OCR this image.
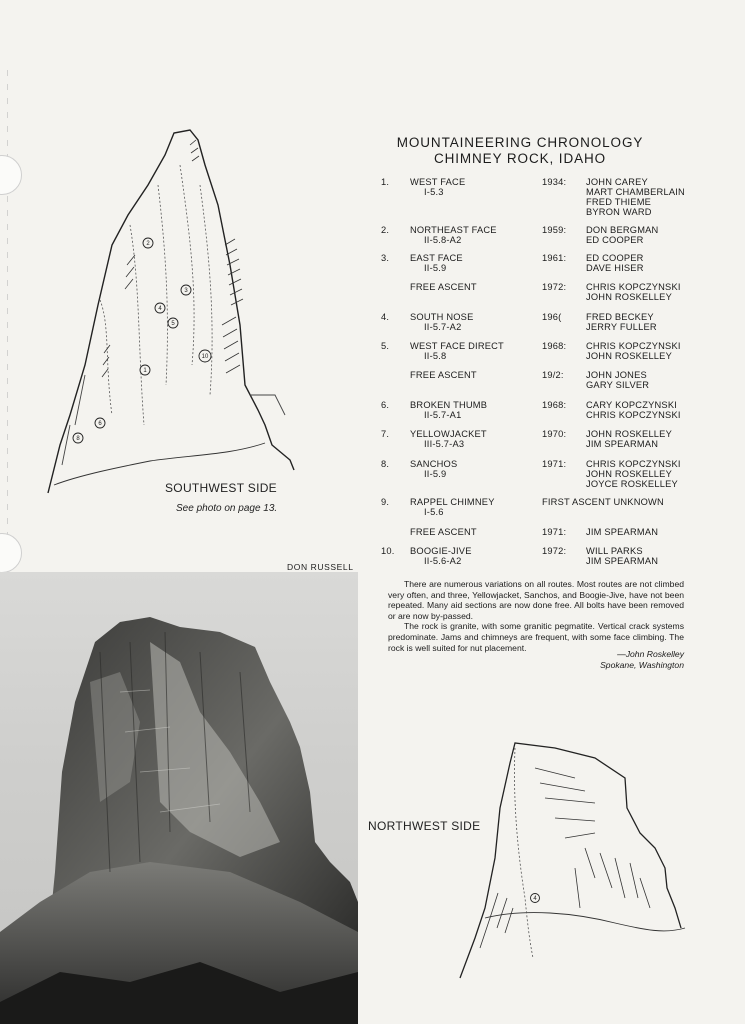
2
3
4
5
1
10
6
8
SOUTHWEST SIDE
See photo on page 13.
DON RUSSELL
4
NORTHWEST SIDE
MOUNTAINEERING CHRONOLOGY
CHIMNEY ROCK, IDAHO
1.	WEST FACE
I-5.3
1934:	JOHN CAREY
MART CHAMBERLAIN
FRED THIEME
BYRON WARD
2.	NORTHEAST FACE
II-5.8-A2
1959:	DON BERGMAN
ED COOPER
3.	EAST FACE
II-5.9
1961:	ED COOPER
DAVE HISER
FREE ASCENT	1972:	CHRIS KOPCZYNSKI
JOHN ROSKELLEY
4.	SOUTH NOSE
II-5.7-A2
196(	FRED BECKEY
JERRY FULLER
5.	WEST FACE DIRECT
II-5.8
1968:	CHRIS KOPCZYNSKI
JOHN ROSKELLEY
FREE ASCENT	19/2:	JOHN JONES
GARY SILVER
6.	BROKEN THUMB
II-5.7-A1
1968:	CARY KOPCZYNSKI
CHRIS KOPCZYNSKI
7.	YELLOWJACKET
III-5.7-A3
1970:	JOHN ROSKELLEY
JIM SPEARMAN
8.	SANCHOS
II-5.9
1971:	CHRIS KOPCZYNSKI
JOHN ROSKELLEY
JOYCE ROSKELLEY
9.	RAPPEL CHIMNEY
I-5.6
FIRST ASCENT UNKNOWN
FREE ASCENT	1971:	JIM SPEARMAN
10.	BOOGIE-JIVE
II-5.6-A2
1972:	WILL PARKS
JIM SPEARMAN

There are numerous variations on all routes. Most routes are not climbed very often, and three, Yellowjacket, Sanchos, and Boogie-Jive, have not been repeated. Many aid sections are now done free. All bolts have been removed or are now by-passed.

The rock is granite, with some granitic pegmatite. Vertical crack systems predominate. Jams and chimneys are frequent, with some face climbing. The rock is well suited for nut placement.

—John Roskelley
Spokane, Washington
